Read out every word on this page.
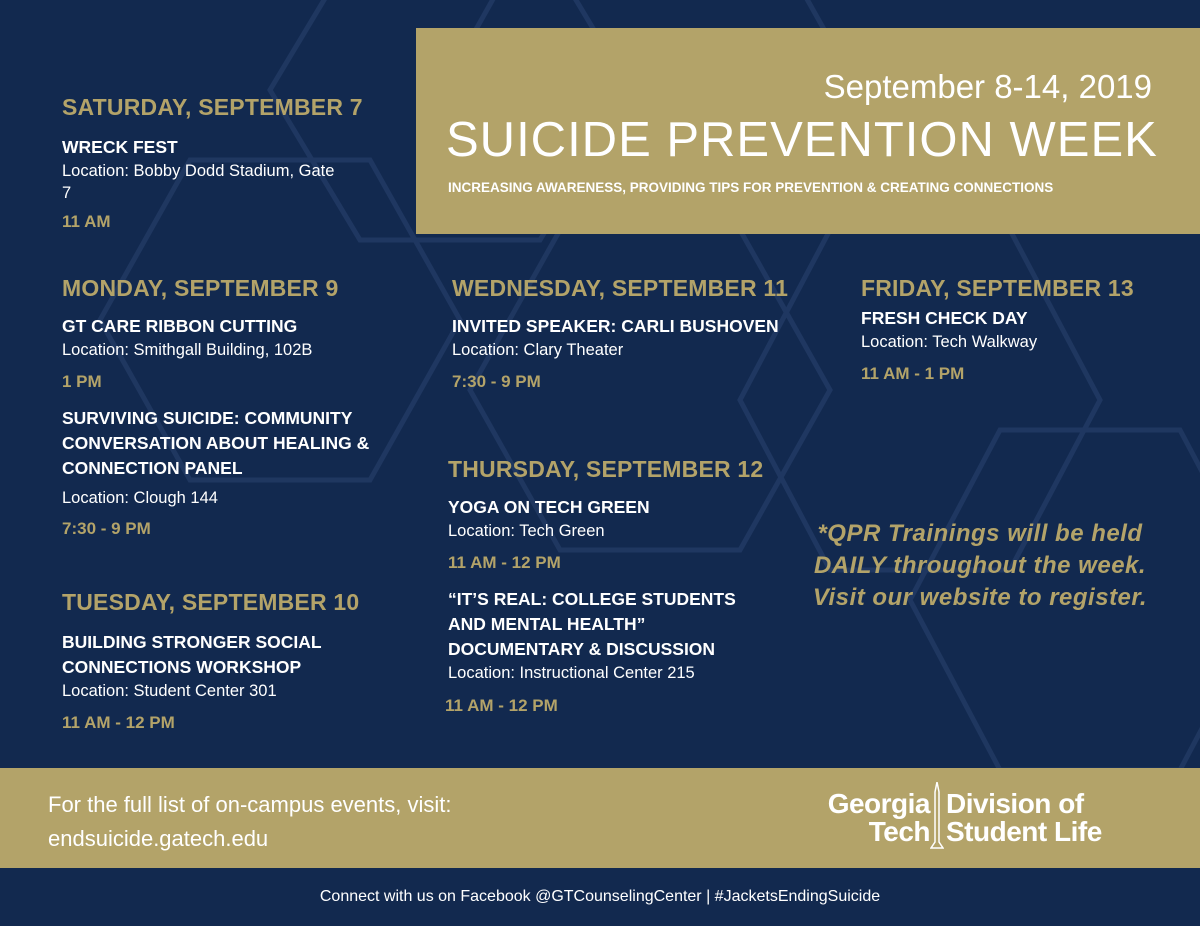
September 8-14, 2019
SUICIDE PREVENTION WEEK
INCREASING AWARENESS, PROVIDING TIPS FOR PREVENTION & CREATING CONNECTIONS
SATURDAY, SEPTEMBER 7
WRECK FEST
Location: Bobby Dodd Stadium, Gate 7
11 AM
MONDAY, SEPTEMBER 9
GT CARE RIBBON CUTTING
Location: Smithgall Building, 102B
1 PM
SURVIVING SUICIDE: COMMUNITY CONVERSATION ABOUT HEALING & CONNECTION PANEL
Location: Clough 144
7:30 - 9 PM
TUESDAY, SEPTEMBER 10
BUILDING STRONGER SOCIAL CONNECTIONS WORKSHOP
Location: Student Center 301
11 AM - 12 PM
WEDNESDAY, SEPTEMBER 11
INVITED SPEAKER: CARLI BUSHOVEN
Location: Clary Theater
7:30 - 9 PM
THURSDAY, SEPTEMBER 12
YOGA ON TECH GREEN
Location: Tech Green
11 AM - 12 PM
“IT’S REAL: COLLEGE STUDENTS AND MENTAL HEALTH” DOCUMENTARY & DISCUSSION
Location: Instructional Center 215
11 AM - 12 PM
FRIDAY, SEPTEMBER 13
FRESH CHECK DAY
Location: Tech Walkway
11 AM - 1 PM
*QPR Trainings will be held
DAILY throughout the week.
Visit our website to register.
For the full list of on-campus events, visit:
endsuicide.gatech.edu
Georgia
Tech
Division of
Student Life
Connect with us on Facebook @GTCounselingCenter | #JacketsEndingSuicide
